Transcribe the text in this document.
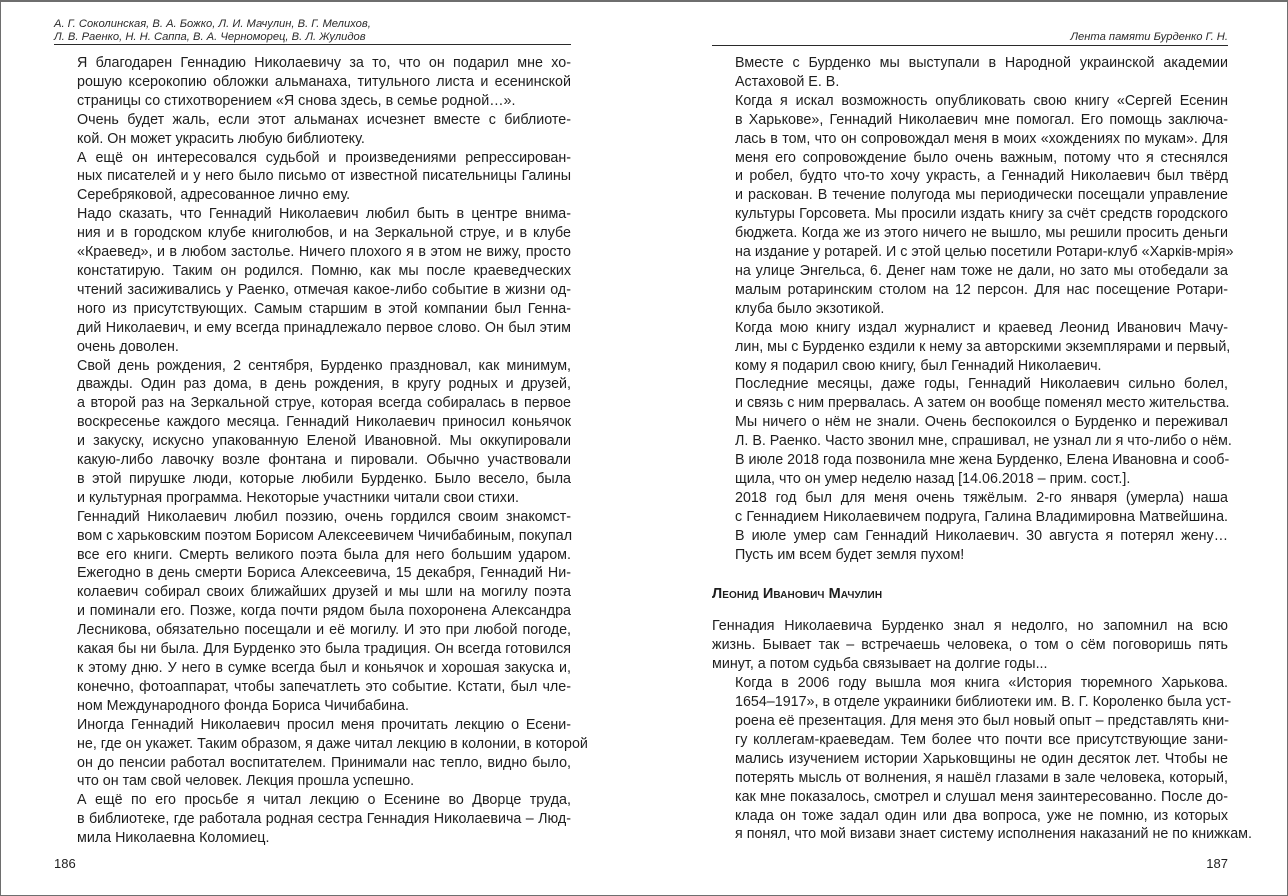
А. Г. Соколинская, В. А. Божко, Л. И. Мачулин, В. Г. Мелихов,
Л. В. Раенко, Н. Н. Саппа, В. А. Черноморец, В. Л. Жулидов

Я благодарен Геннадию Николаевичу за то, что он подарил мне хо-
рошую ксерокопию обложки альманаха, титульного листа и есенинской
страницы со стихотворением «Я снова здесь, в семье родной…».

Очень будет жаль, если этот альманах исчезнет вместе с библиоте-
кой. Он может украсить любую библиотеку.

А ещё он интересовался судьбой и произведениями репрессирован-
ных писателей и у него было письмо от известной писательницы Галины
Серебряковой, адресованное лично ему.

Надо сказать, что Геннадий Николаевич любил быть в центре внима-
ния и в городском клубе книголюбов, и на Зеркальной струе, и в клубе
«Краевед», и в любом застолье. Ничего плохого я в этом не вижу, просто
констатирую. Таким он родился. Помню, как мы после краеведческих
чтений засиживались у Раенко, отмечая какое-либо событие в жизни од-
ного из присутствующих. Самым старшим в этой компании был Генна-
дий Николаевич, и ему всегда принадлежало первое слово. Он был этим
очень доволен.

Свой день рождения, 2 сентября, Бурденко праздновал, как минимум,
дважды. Один раз дома, в день рождения, в кругу родных и друзей,
а второй раз на Зеркальной струе, которая всегда собиралась в первое
воскресенье каждого месяца. Геннадий Николаевич приносил коньячок
и закуску, искусно упакованную Еленой Ивановной. Мы оккупировали
какую-либо лавочку возле фонтана и пировали. Обычно участвовали
в этой пирушке люди, которые любили Бурденко. Было весело, была
и культурная программа. Некоторые участники читали свои стихи.

Геннадий Николаевич любил поэзию, очень гордился своим знакомст-
вом с харьковским поэтом Борисом Алексеевичем Чичибабиным, покупал
все его книги. Смерть великого поэта была для него большим ударом.
Ежегодно в день смерти Бориса Алексеевича, 15 декабря, Геннадий Ни-
колаевич собирал своих ближайших друзей и мы шли на могилу поэта
и поминали его. Позже, когда почти рядом была похоронена Александра
Лесникова, обязательно посещали и её могилу. И это при любой погоде,
какая бы ни была. Для Бурденко это была традиция. Он всегда готовился
к этому дню. У него в сумке всегда был и коньячок и хорошая закуска и,
конечно, фотоаппарат, чтобы запечатлеть это событие. Кстати, был чле-
ном Международного фонда Бориса Чичибабина.

Иногда Геннадий Николаевич просил меня прочитать лекцию о Есени-
не, где он укажет. Таким образом, я даже читал лекцию в колонии, в которой
он до пенсии работал воспитателем. Принимали нас тепло, видно было,
что он там свой человек. Лекция прошла успешно.

А ещё по его просьбе я читал лекцию о Есенине во Дворце труда,
в библиотеке, где работала родная сестра Геннадия Николаевича – Люд-
мила Николаевна Коломиец.

186
Лента памяти Бурденко Г. Н.

Вместе с Бурденко мы выступали в Народной украинской академии
Астаховой Е. В.

Когда я искал возможность опубликовать свою книгу «Сергей Есенин
в Харькове», Геннадий Николаевич мне помогал. Его помощь заключа-
лась в том, что он сопровождал меня в моих «хождениях по мукам». Для
меня его сопровождение было очень важным, потому что я стеснялся
и робел, будто что-то хочу украсть, а Геннадий Николаевич был твёрд
и раскован. В течение полугода мы периодически посещали управление
культуры Горсовета. Мы просили издать книгу за счёт средств городского
бюджета. Когда же из этого ничего не вышло, мы решили просить деньги
на издание у ротарей. И с этой целью посетили Ротари-клуб «Харків-мрія»
на улице Энгельса, 6. Денег нам тоже не дали, но зато мы отобедали за
малым ротаринским столом на 12 персон. Для нас посещение Ротари-
клуба было экзотикой.

Когда мою книгу издал журналист и краевед Леонид Иванович Мачу-
лин, мы с Бурденко ездили к нему за авторскими экземплярами и первый,
кому я подарил свою книгу, был Геннадий Николаевич.

Последние месяцы, даже годы, Геннадий Николаевич сильно болел,
и связь с ним прервалась. А затем он вообще поменял место жительства.
Мы ничего о нём не знали. Очень беспокоился о Бурденко и переживал
Л. В. Раенко. Часто звонил мне, спрашивал, не узнал ли я что-либо о нём.
В июле 2018 года позвонила мне жена Бурденко, Елена Ивановна и сооб-
щила, что он умер неделю назад [14.06.2018 – прим. сост.].

2018 год был для меня очень тяжёлым. 2-го января (умерла) наша
с Геннадием Николаевичем подруга, Галина Владимировна Матвейшина.
В июле умер сам Геннадий Николаевич. 30 августа я потерял жену…
Пусть им всем будет земля пухом!

Леонид Иванович Мачулин

Геннадия Николаевича Бурденко знал я недолго, но запомнил на всю
жизнь. Бывает так – встречаешь человека, о том о сём поговоришь пять
минут, а потом судьба связывает на долгие годы...

Когда в 2006 году вышла моя книга «История тюремного Харькова.
1654–1917», в отделе украиники библиотеки им. В. Г. Короленко была уст-
роена её презентация. Для меня это был новый опыт – представлять кни-
гу коллегам-краеведам. Тем более что почти все присутствующие зани-
мались изучением истории Харьковщины не один десяток лет. Чтобы не
потерять мысль от волнения, я нашёл глазами в зале человека, который,
как мне показалось, смотрел и слушал меня заинтересованно. После до-
клада он тоже задал один или два вопроса, уже не помню, из которых
я понял, что мой визави знает систему исполнения наказаний не по книжкам.

187
